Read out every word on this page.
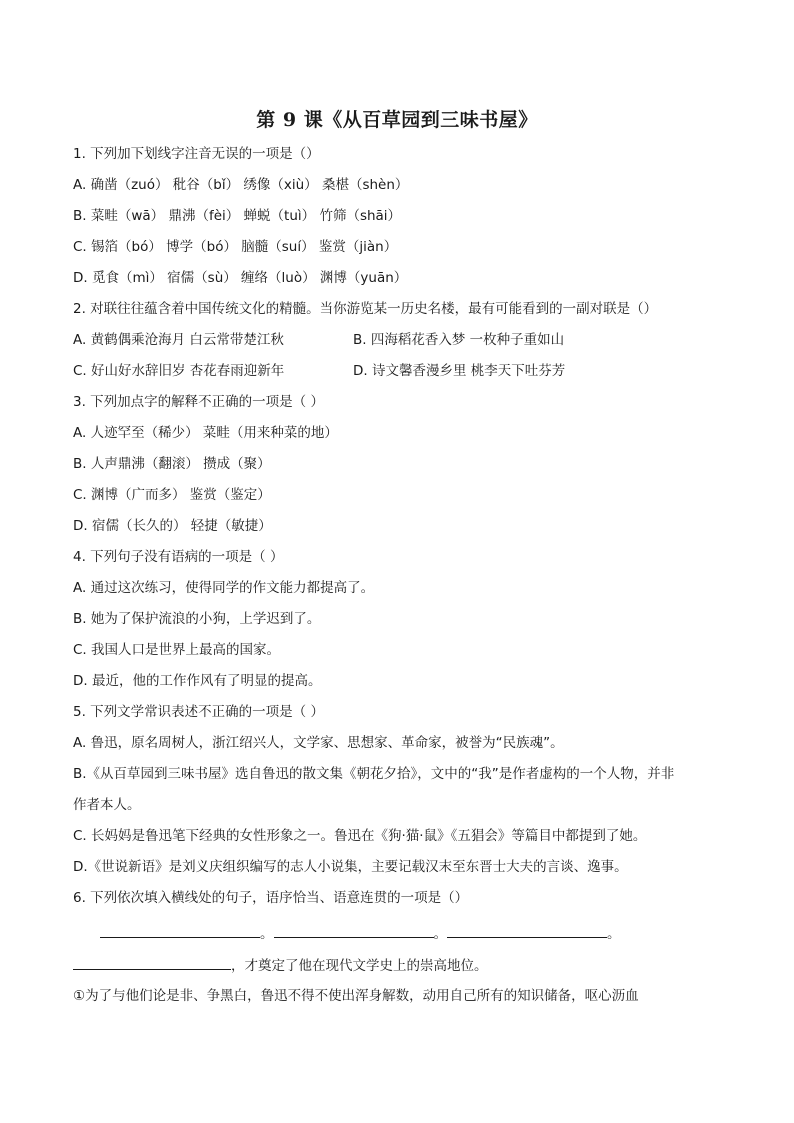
第 9 课《从百草园到三味书屋》
1. 下列加下划线字注音无误的一项是（）
A. 确凿（zuó） 秕谷（bǐ） 绣像（xiù） 桑椹（shèn）
B. 菜畦（wā） 鼎沸（fèi） 蝉蜕（tuì） 竹筛（shāi）
C. 锡箔（bó） 博学（bó） 脑髓（suí） 鉴赏（jiàn）
D. 觅食（mì） 宿儒（sù） 缠络（luò） 渊博（yuān）
2. 对联往往蕴含着中国传统文化的精髓。当你游览某一历史名楼，最有可能看到的一副对联是（）
A. 黄鹤偶乘沧海月 白云常带楚江秋	B. 四海稻花香入梦 一枚种子重如山
C. 好山好水辞旧岁 杏花春雨迎新年	D. 诗文馨香漫乡里 桃李天下吐芬芳
3. 下列加点字的解释不正确的一项是（ ）
A. 人迹罕至（稀少） 菜畦（用来种菜的地）
B. 人声鼎沸（翻滚） 攒成（聚）
C. 渊博（广而多） 鉴赏（鉴定）
D. 宿儒（长久的） 轻捷（敏捷）
4. 下列句子没有语病的一项是（ ）
A. 通过这次练习，使得同学的作文能力都提高了。
B. 她为了保护流浪的小狗，上学迟到了。
C. 我国人口是世界上最高的国家。
D. 最近，他的工作作风有了明显的提高。
5. 下列文学常识表述不正确的一项是（ ）
A. 鲁迅，原名周树人，浙江绍兴人，文学家、思想家、革命家，被誉为“民族魂”。
B.《从百草园到三味书屋》选自鲁迅的散文集《朝花夕拾》，文中的“我”是作者虚构的一个人物，并非
作者本人。
C. 长妈妈是鲁迅笔下经典的女性形象之一。鲁迅在《狗·猫·鼠》《五猖会》等篇目中都提到了她。
D.《世说新语》是刘义庆组织编写的志人小说集，主要记载汉末至东晋士大夫的言谈、逸事。
6. 下列依次填入横线处的句子，语序恰当、语意连贯的一项是（）
。	。	。
，才奠定了他在现代文学史上的崇高地位。
①为了与他们论是非、争黑白，鲁迅不得不使出浑身解数，动用自己所有的知识储备，呕心沥血
